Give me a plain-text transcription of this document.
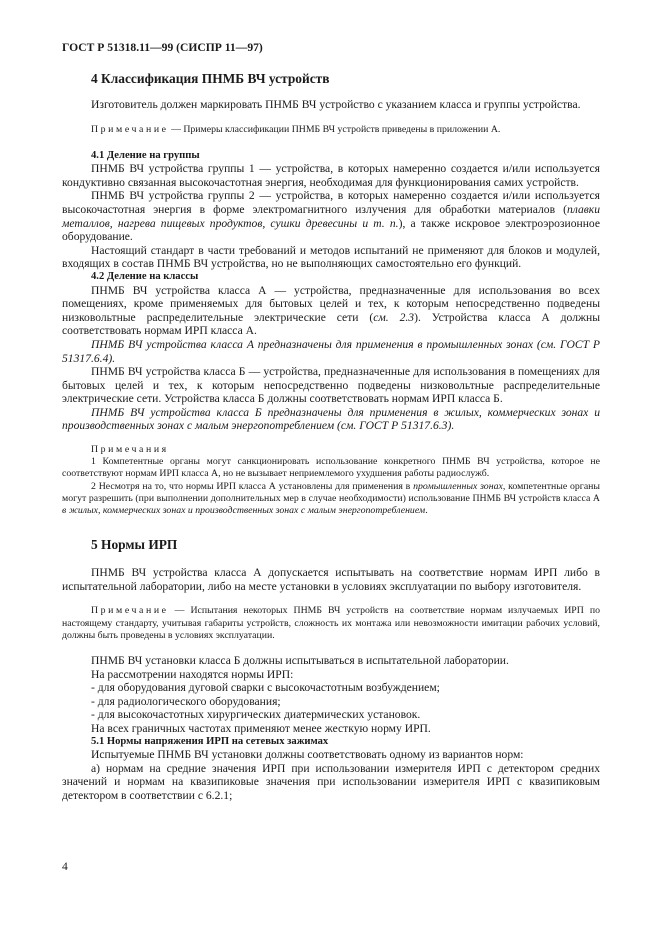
ГОСТ Р 51318.11—99 (СИСПР 11—97)

4 Классификация ПНМБ ВЧ устройств

Изготовитель должен маркировать ПНМБ ВЧ устройство с указанием класса и группы устройства.

Примечание — Примеры классификации ПНМБ ВЧ устройств приведены в приложении А.

4.1 Деление на группы

ПНМБ ВЧ устройства группы 1 — устройства, в которых намеренно создается и/или используется кондуктивно связанная высокочастотная энергия, необходимая для функционирования самих устройств.

ПНМБ ВЧ устройства группы 2 — устройства, в которых намеренно создается и/или используется высокочастотная энергия в форме электромагнитного излучения для обработки материалов (плавки металлов, нагрева пищевых продуктов, сушки древесины и т. п.), а также искровое электроэрозионное оборудование.

Настоящий стандарт в части требований и методов испытаний не применяют для блоков и модулей, входящих в состав ПНМБ ВЧ устройства, но не выполняющих самостоятельно его функций.

4.2 Деление на классы

ПНМБ ВЧ устройства класса А — устройства, предназначенные для использования во всех помещениях, кроме применяемых для бытовых целей и тех, к которым непосредственно подведены низковольтные распределительные электрические сети (см. 2.3). Устройства класса А должны соответствовать нормам ИРП класса А.

ПНМБ ВЧ устройства класса А предназначены для применения в промышленных зонах (см. ГОСТ Р 51317.6.4).

ПНМБ ВЧ устройства класса Б — устройства, предназначенные для использования в помещениях для бытовых целей и тех, к которым непосредственно подведены низковольтные распределительные электрические сети. Устройства класса Б должны соответствовать нормам ИРП класса Б.

ПНМБ ВЧ устройства класса Б предназначены для применения в жилых, коммерческих зонах и производственных зонах с малым энергопотреблением (см. ГОСТ Р 51317.6.3).

Примечания

1 Компетентные органы могут санкционировать использование конкретного ПНМБ ВЧ устройства, которое не соответствуют нормам ИРП класса А, но не вызывает неприемлемого ухудшения работы радиослужб.

2 Несмотря на то, что нормы ИРП класса А установлены для применения в промышленных зонах, компетентные органы могут разрешить (при выполнении дополнительных мер в случае необходимости) использование ПНМБ ВЧ устройств класса А в жилых, коммерческих зонах и производственных зонах с малым энергопотреблением.

5 Нормы ИРП

ПНМБ ВЧ устройства класса А допускается испытывать на соответствие нормам ИРП либо в испытательной лаборатории, либо на месте установки в условиях эксплуатации по выбору изготовителя.

Примечание — Испытания некоторых ПНМБ ВЧ устройств на соответствие нормам излучаемых ИРП по настоящему стандарту, учитывая габариты устройств, сложность их монтажа или невозможности имитации рабочих условий, должны быть проведены в условиях эксплуатации.

ПНМБ ВЧ установки класса Б должны испытываться в испытательной лаборатории.

На рассмотрении находятся нормы ИРП:

- для оборудования дуговой сварки с высокочастотным возбуждением;

- для радиологического оборудования;

- для высокочастотных хирургических диатермических установок.

На всех граничных частотах применяют менее жесткую норму ИРП.

5.1 Нормы напряжения ИРП на сетевых зажимах

Испытуемые ПНМБ ВЧ установки должны соответствовать одному из вариантов норм:

а) нормам на средние значения ИРП при использовании измерителя ИРП с детектором средних значений и нормам на квазипиковые значения при использовании измерителя ИРП с квазипиковым детектором в соответствии с 6.2.1;

4
